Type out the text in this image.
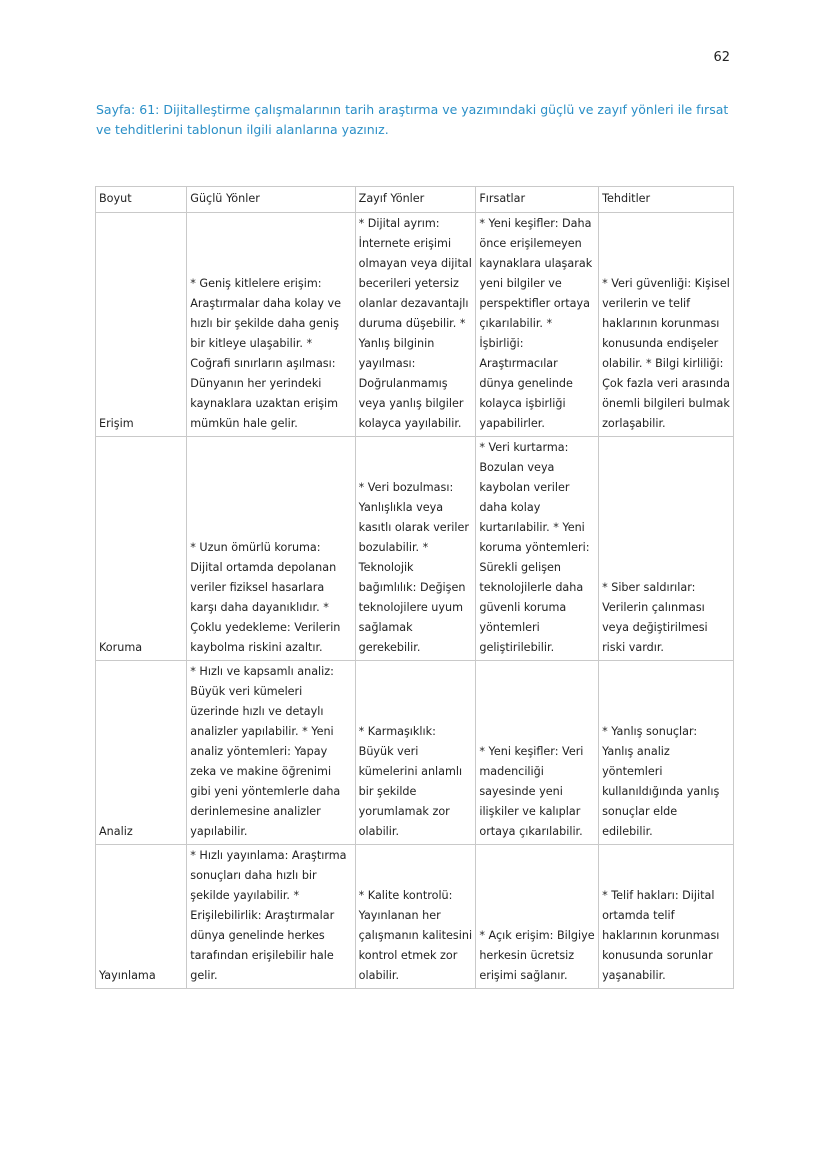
62
Sayfa: 61: Dijitalleştirme çalışmalarının tarih araştırma ve yazımındaki güçlü ve zayıf yönleri ile fırsat ve tehditlerini tablonun ilgili alanlarına yazınız.
Boyut	Güçlü Yönler	Zayıf Yönler	Fırsatlar	Tehditler
Erişim	* Geniş kitlelere erişim: Araştırmalar daha kolay ve hızlı bir şekilde daha geniş bir kitleye ulaşabilir. * Coğrafi sınırların aşılması: Dünyanın her yerindeki kaynaklara uzaktan erişim mümkün hale gelir.	* Dijital ayrım: İnternete erişimi olmayan veya dijital becerileri yetersiz olanlar dezavantajlı duruma düşebilir. * Yanlış bilginin yayılması: Doğrulanmamış veya yanlış bilgiler kolayca yayılabilir.	* Yeni keşifler: Daha önce erişilemeyen kaynaklara ulaşarak yeni bilgiler ve perspektifler ortaya çıkarılabilir. * İşbirliği: Araştırmacılar dünya genelinde kolayca işbirliği yapabilirler.	* Veri güvenliği: Kişisel verilerin ve telif haklarının korunması konusunda endişeler olabilir. * Bilgi kirliliği: Çok fazla veri arasında önemli bilgileri bulmak zorlaşabilir.
Koruma	* Uzun ömürlü koruma: Dijital ortamda depolanan veriler fiziksel hasarlara karşı daha dayanıklıdır. * Çoklu yedekleme: Verilerin kaybolma riskini azaltır.	* Veri bozulması: Yanlışlıkla veya kasıtlı olarak veriler bozulabilir. * Teknolojik bağımlılık: Değişen teknolojilere uyum sağlamak gerekebilir.	* Veri kurtarma: Bozulan veya kaybolan veriler daha kolay kurtarılabilir. * Yeni koruma yöntemleri: Sürekli gelişen teknolojilerle daha güvenli koruma yöntemleri geliştirilebilir.	* Siber saldırılar: Verilerin çalınması veya değiştirilmesi riski vardır.
Analiz	* Hızlı ve kapsamlı analiz: Büyük veri kümeleri üzerinde hızlı ve detaylı analizler yapılabilir. * Yeni analiz yöntemleri: Yapay zeka ve makine öğrenimi gibi yeni yöntemlerle daha derinlemesine analizler yapılabilir.	* Karmaşıklık: Büyük veri kümelerini anlamlı bir şekilde yorumlamak zor olabilir.	* Yeni keşifler: Veri madenciliği sayesinde yeni ilişkiler ve kalıplar ortaya çıkarılabilir.	* Yanlış sonuçlar: Yanlış analiz yöntemleri kullanıldığında yanlış sonuçlar elde edilebilir.
Yayınlama	* Hızlı yayınlama: Araştırma sonuçları daha hızlı bir şekilde yayılabilir. * Erişilebilirlik: Araştırmalar dünya genelinde herkes tarafından erişilebilir hale gelir.	* Kalite kontrolü: Yayınlanan her çalışmanın kalitesini kontrol etmek zor olabilir.	* Açık erişim: Bilgiye herkesin ücretsiz erişimi sağlanır.	* Telif hakları: Dijital ortamda telif haklarının korunması konusunda sorunlar yaşanabilir.
